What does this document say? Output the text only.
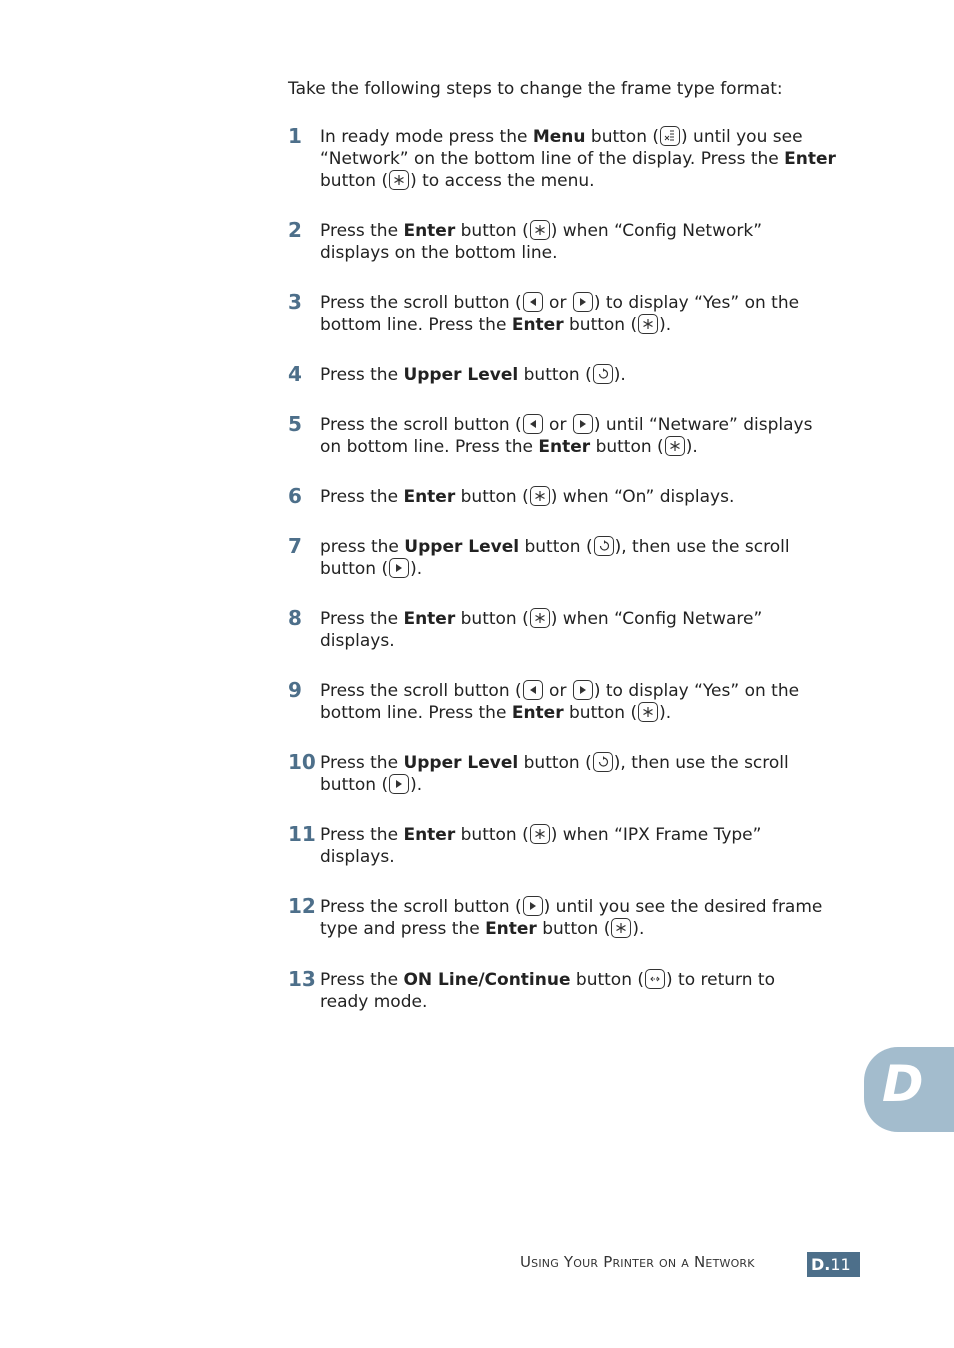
Take the following steps to change the frame type format:

1 In ready mode press the Menu button ( ) until you see
“Network” on the bottom line of the display. Press the Enter
button ( ) to access the menu.
2 Press the Enter button ( ) when “Config Network”
displays on the bottom line.
3 Press the scroll button (
or
) to display “Yes” on the
bottom line. Press the Enter button ( ).
4 Press the Upper Level button ( ).
5 Press the scroll button (
or
) until “Netware” displays
on bottom line. Press the Enter button ( ).
6 Press the Enter button ( ) when “On” displays.
7 press the Upper Level button ( ), then use the scroll
button ( ).
8 Press the Enter button ( ) when “Config Netware”
displays.
9 Press the scroll button (
or
) to display “Yes” on the
bottom line. Press the Enter button ( ).
10 Press the Upper Level button ( ), then use the scroll
button ( ).
11 Press the Enter button ( ) when “IPX Frame Type”
displays.
12 Press the scroll button ( ) until you see the desired frame
type and press the Enter button ( ).
13 Press the ON Line/Continue button ( ) to return to
ready mode.
D
Using Your Printer on a Network	D.11
